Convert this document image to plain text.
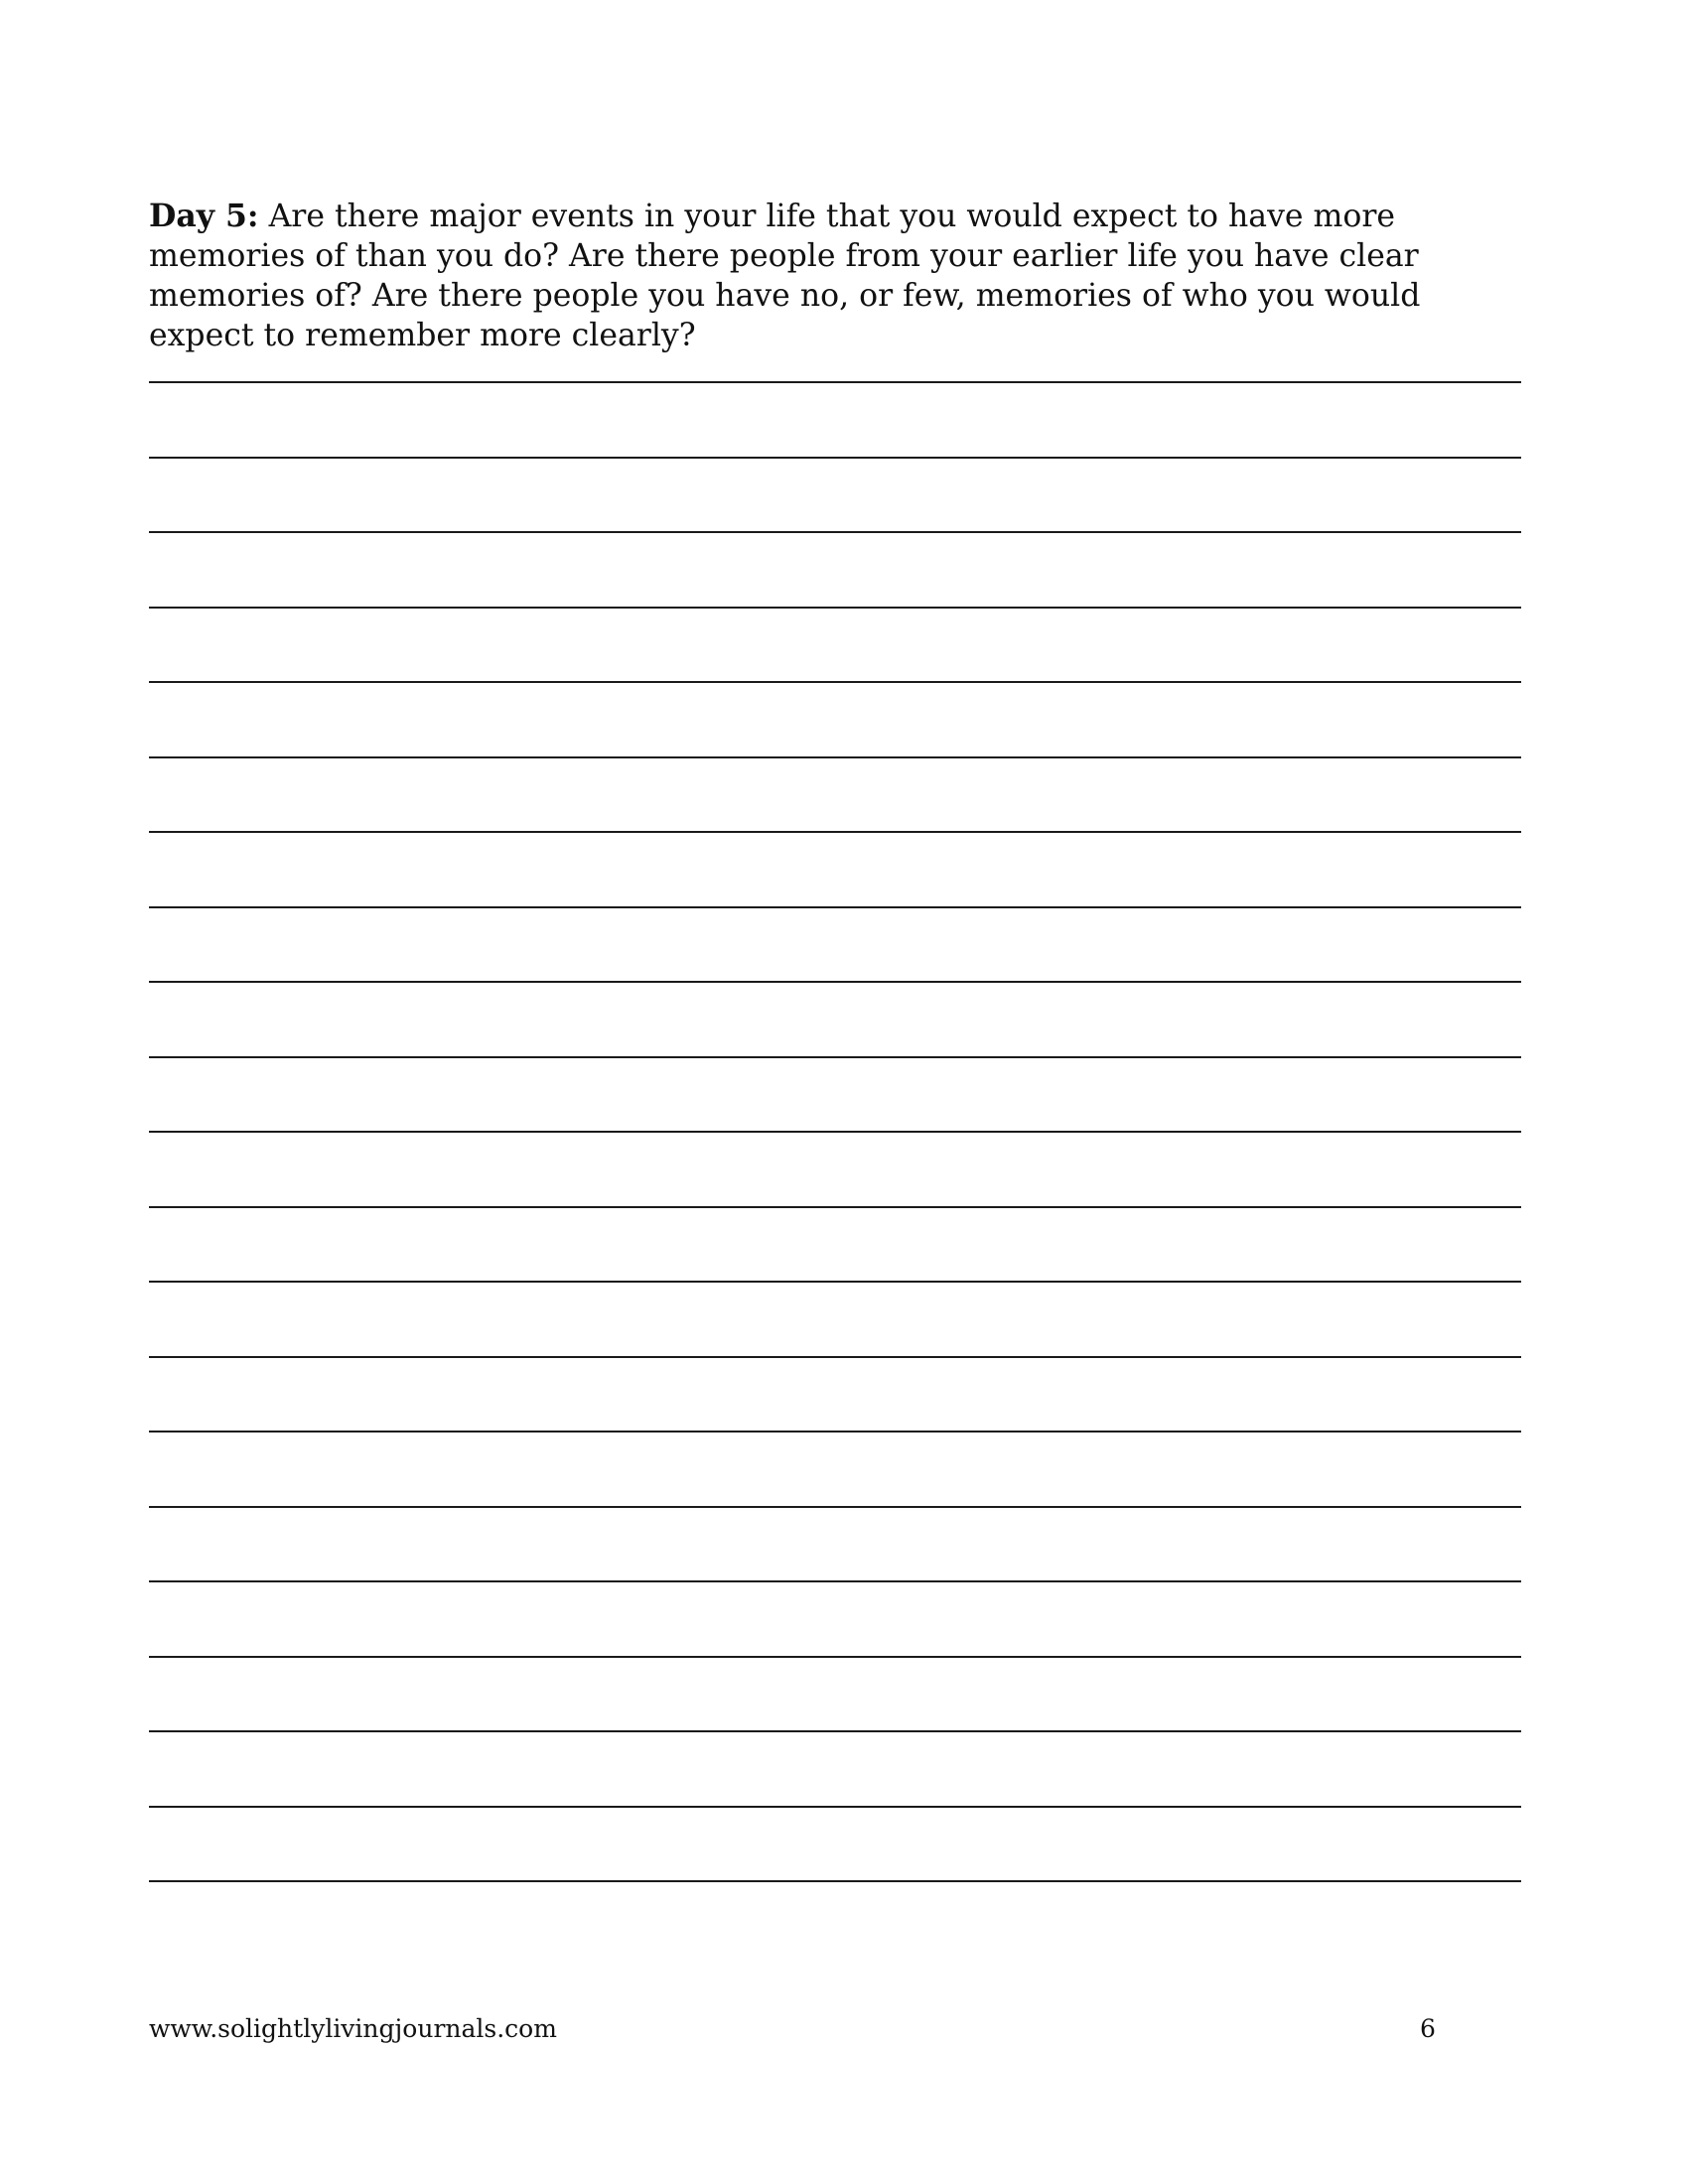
Day 5: Are there major events in your life that you would expect to have more memories of than you do? Are there people from your earlier life you have clear memories of? Are there people you have no, or few, memories of who you would expect to remember more clearly?

www.solightlylivingjournals.com	6
